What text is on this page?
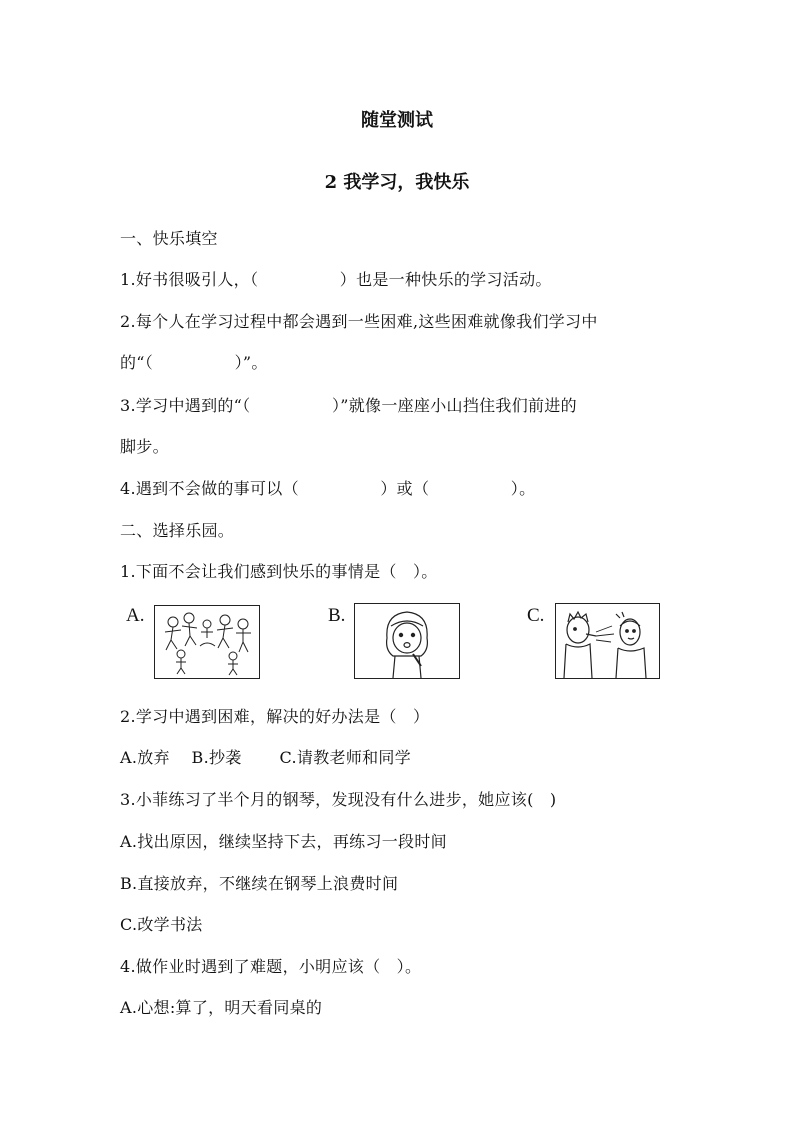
随堂测试
2 我学习，我快乐
一、快乐填空
1.好书很吸引人，（　　　　　）也是一种快乐的学习活动。
2.每个人在学习过程中都会遇到一些困难,这些困难就像我们学习中
的“（　　　　　）”。
3.学习中遇到的“（　　　　　）”就像一座座小山挡住我们前进的
脚步。
4.遇到不会做的事可以（　　　　　）或（　　　　　）。
二、选择乐园。
1.下面不会让我们感到快乐的事情是（　）。
A.	B.	C.
2.学习中遇到困难，解决的好办法是（　）
A.放弃　 B.抄袭　　 C.请教老师和同学
3.小菲练习了半个月的钢琴，发现没有什么进步，她应该(　)
A.找出原因，继续坚持下去，再练习一段时间
B.直接放弃，不继续在钢琴上浪费时间
C.改学书法
4.做作业时遇到了难题，小明应该（　）。
A.心想:算了，明天看同桌的
